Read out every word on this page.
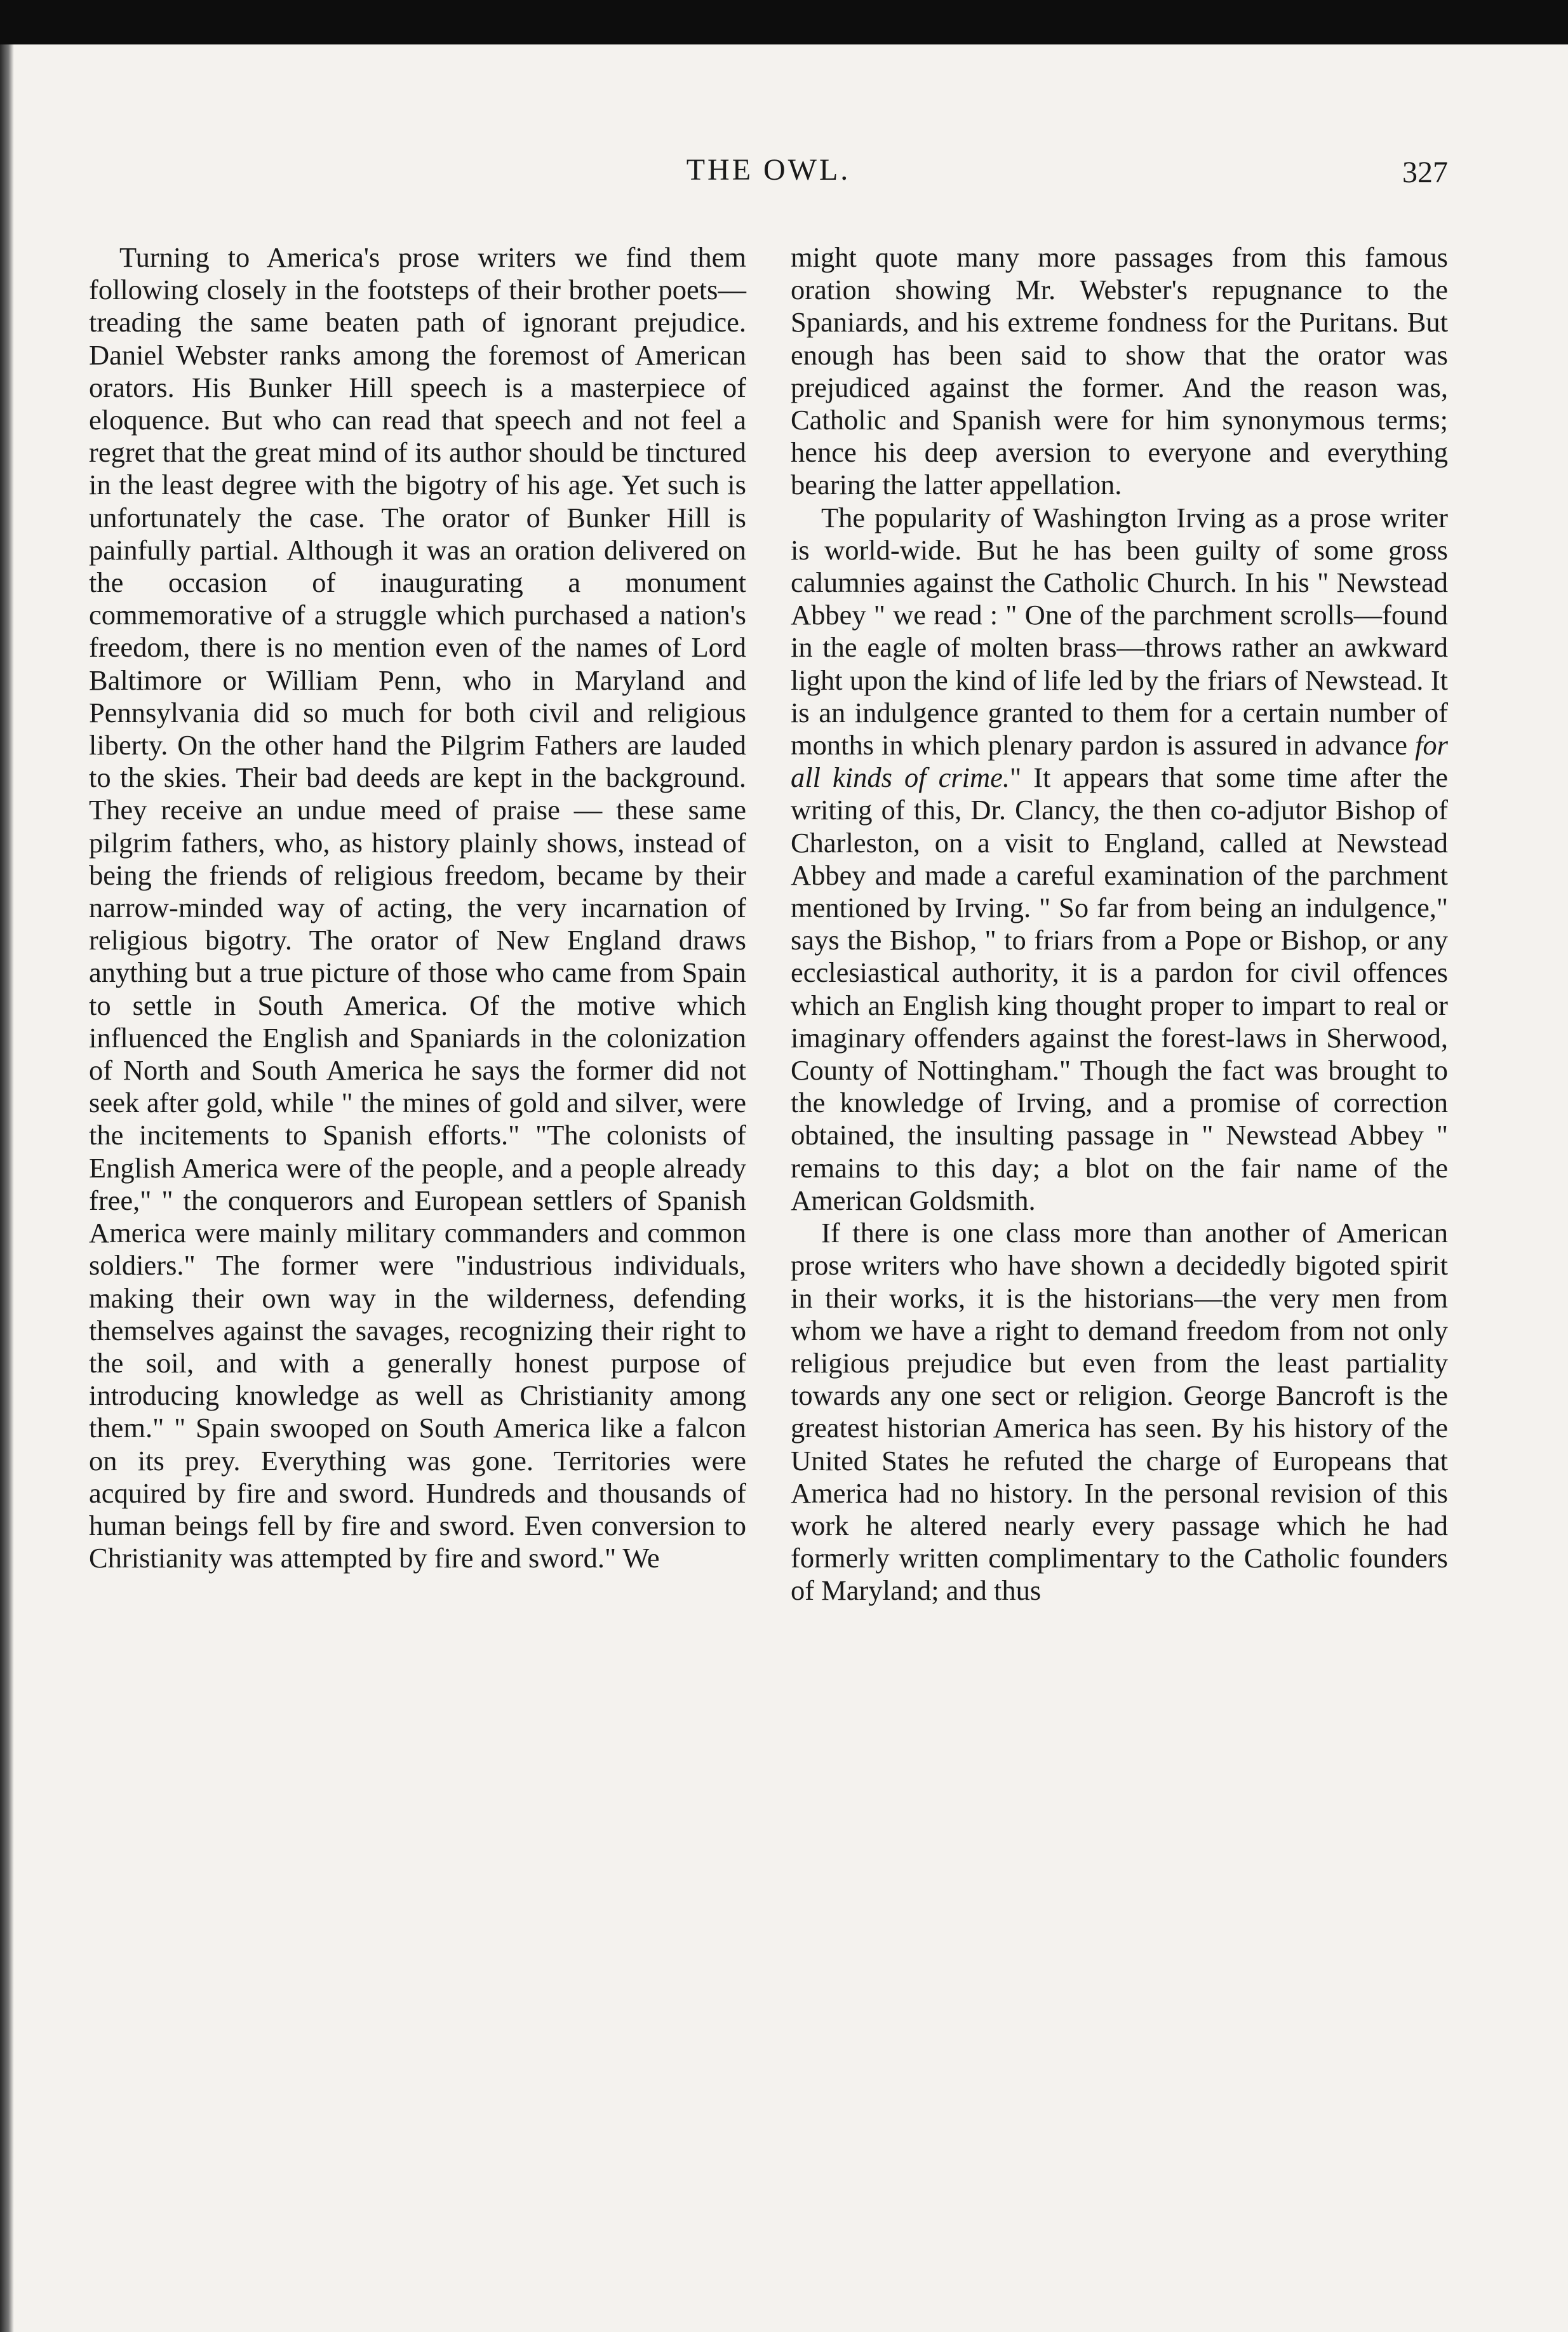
THE OWL.	327

Turning to America's prose writers we find them following closely in the footsteps of their brother poets—treading the same beaten path of ignorant prejudice. Daniel Webster ranks among the foremost of American orators. His Bunker Hill speech is a masterpiece of eloquence. But who can read that speech and not feel a regret that the great mind of its author should be tinctured in the least degree with the bigotry of his age. Yet such is unfortunately the case. The orator of Bunker Hill is painfully partial. Although it was an oration delivered on the occasion of inaugurating a monument commemorative of a struggle which purchased a nation's freedom, there is no mention even of the names of Lord Baltimore or William Penn, who in Maryland and Pennsylvania did so much for both civil and religious liberty. On the other hand the Pilgrim Fathers are lauded to the skies. Their bad deeds are kept in the background. They receive an undue meed of praise — these same pilgrim fathers, who, as history plainly shows, instead of being the friends of religious freedom, became by their narrow-minded way of acting, the very incarnation of religious bigotry. The orator of New England draws anything but a true picture of those who came from Spain to settle in South America. Of the motive which influenced the English and Spaniards in the colonization of North and South America he says the former did not seek after gold, while " the mines of gold and silver, were the incitements to Spanish efforts." "The colonists of English America were of the people, and a people already free," " the conquerors and European settlers of Spanish America were mainly military commanders and common soldiers." The former were "industrious individuals, making their own way in the wilderness, defending themselves against the savages, recognizing their right to the soil, and with a generally honest purpose of introducing knowledge as well as Christianity among them." " Spain swooped on South America like a falcon on its prey. Everything was gone. Territories were acquired by fire and sword. Hundreds and thousands of human beings fell by fire and sword. Even conversion to Christianity was attempted by fire and sword." We

might quote many more passages from this famous oration showing Mr. Webster's repugnance to the Spaniards, and his extreme fondness for the Puritans. But enough has been said to show that the orator was prejudiced against the former. And the reason was, Catholic and Spanish were for him synonymous terms; hence his deep aversion to everyone and everything bearing the latter appellation.

The popularity of Washington Irving as a prose writer is world-wide. But he has been guilty of some gross calumnies against the Catholic Church. In his " Newstead Abbey " we read : " One of the parchment scrolls—found in the eagle of molten brass—throws rather an awkward light upon the kind of life led by the friars of Newstead. It is an indulgence granted to them for a certain number of months in which plenary pardon is assured in advance for all kinds of crime." It appears that some time after the writing of this, Dr. Clancy, the then co-adjutor Bishop of Charleston, on a visit to England, called at Newstead Abbey and made a careful examination of the parchment mentioned by Irving. " So far from being an indulgence," says the Bishop, " to friars from a Pope or Bishop, or any ecclesiastical authority, it is a pardon for civil offences which an English king thought proper to impart to real or imaginary offenders against the forest-laws in Sherwood, County of Nottingham." Though the fact was brought to the knowledge of Irving, and a promise of correction obtained, the insulting passage in " Newstead Abbey " remains to this day; a blot on the fair name of the American Goldsmith.

If there is one class more than another of American prose writers who have shown a decidedly bigoted spirit in their works, it is the historians—the very men from whom we have a right to demand freedom from not only religious prejudice but even from the least partiality towards any one sect or religion. George Bancroft is the greatest historian America has seen. By his history of the United States he refuted the charge of Europeans that America had no history. In the personal revision of this work he altered nearly every passage which he had formerly written complimentary to the Catholic founders of Maryland; and thus
